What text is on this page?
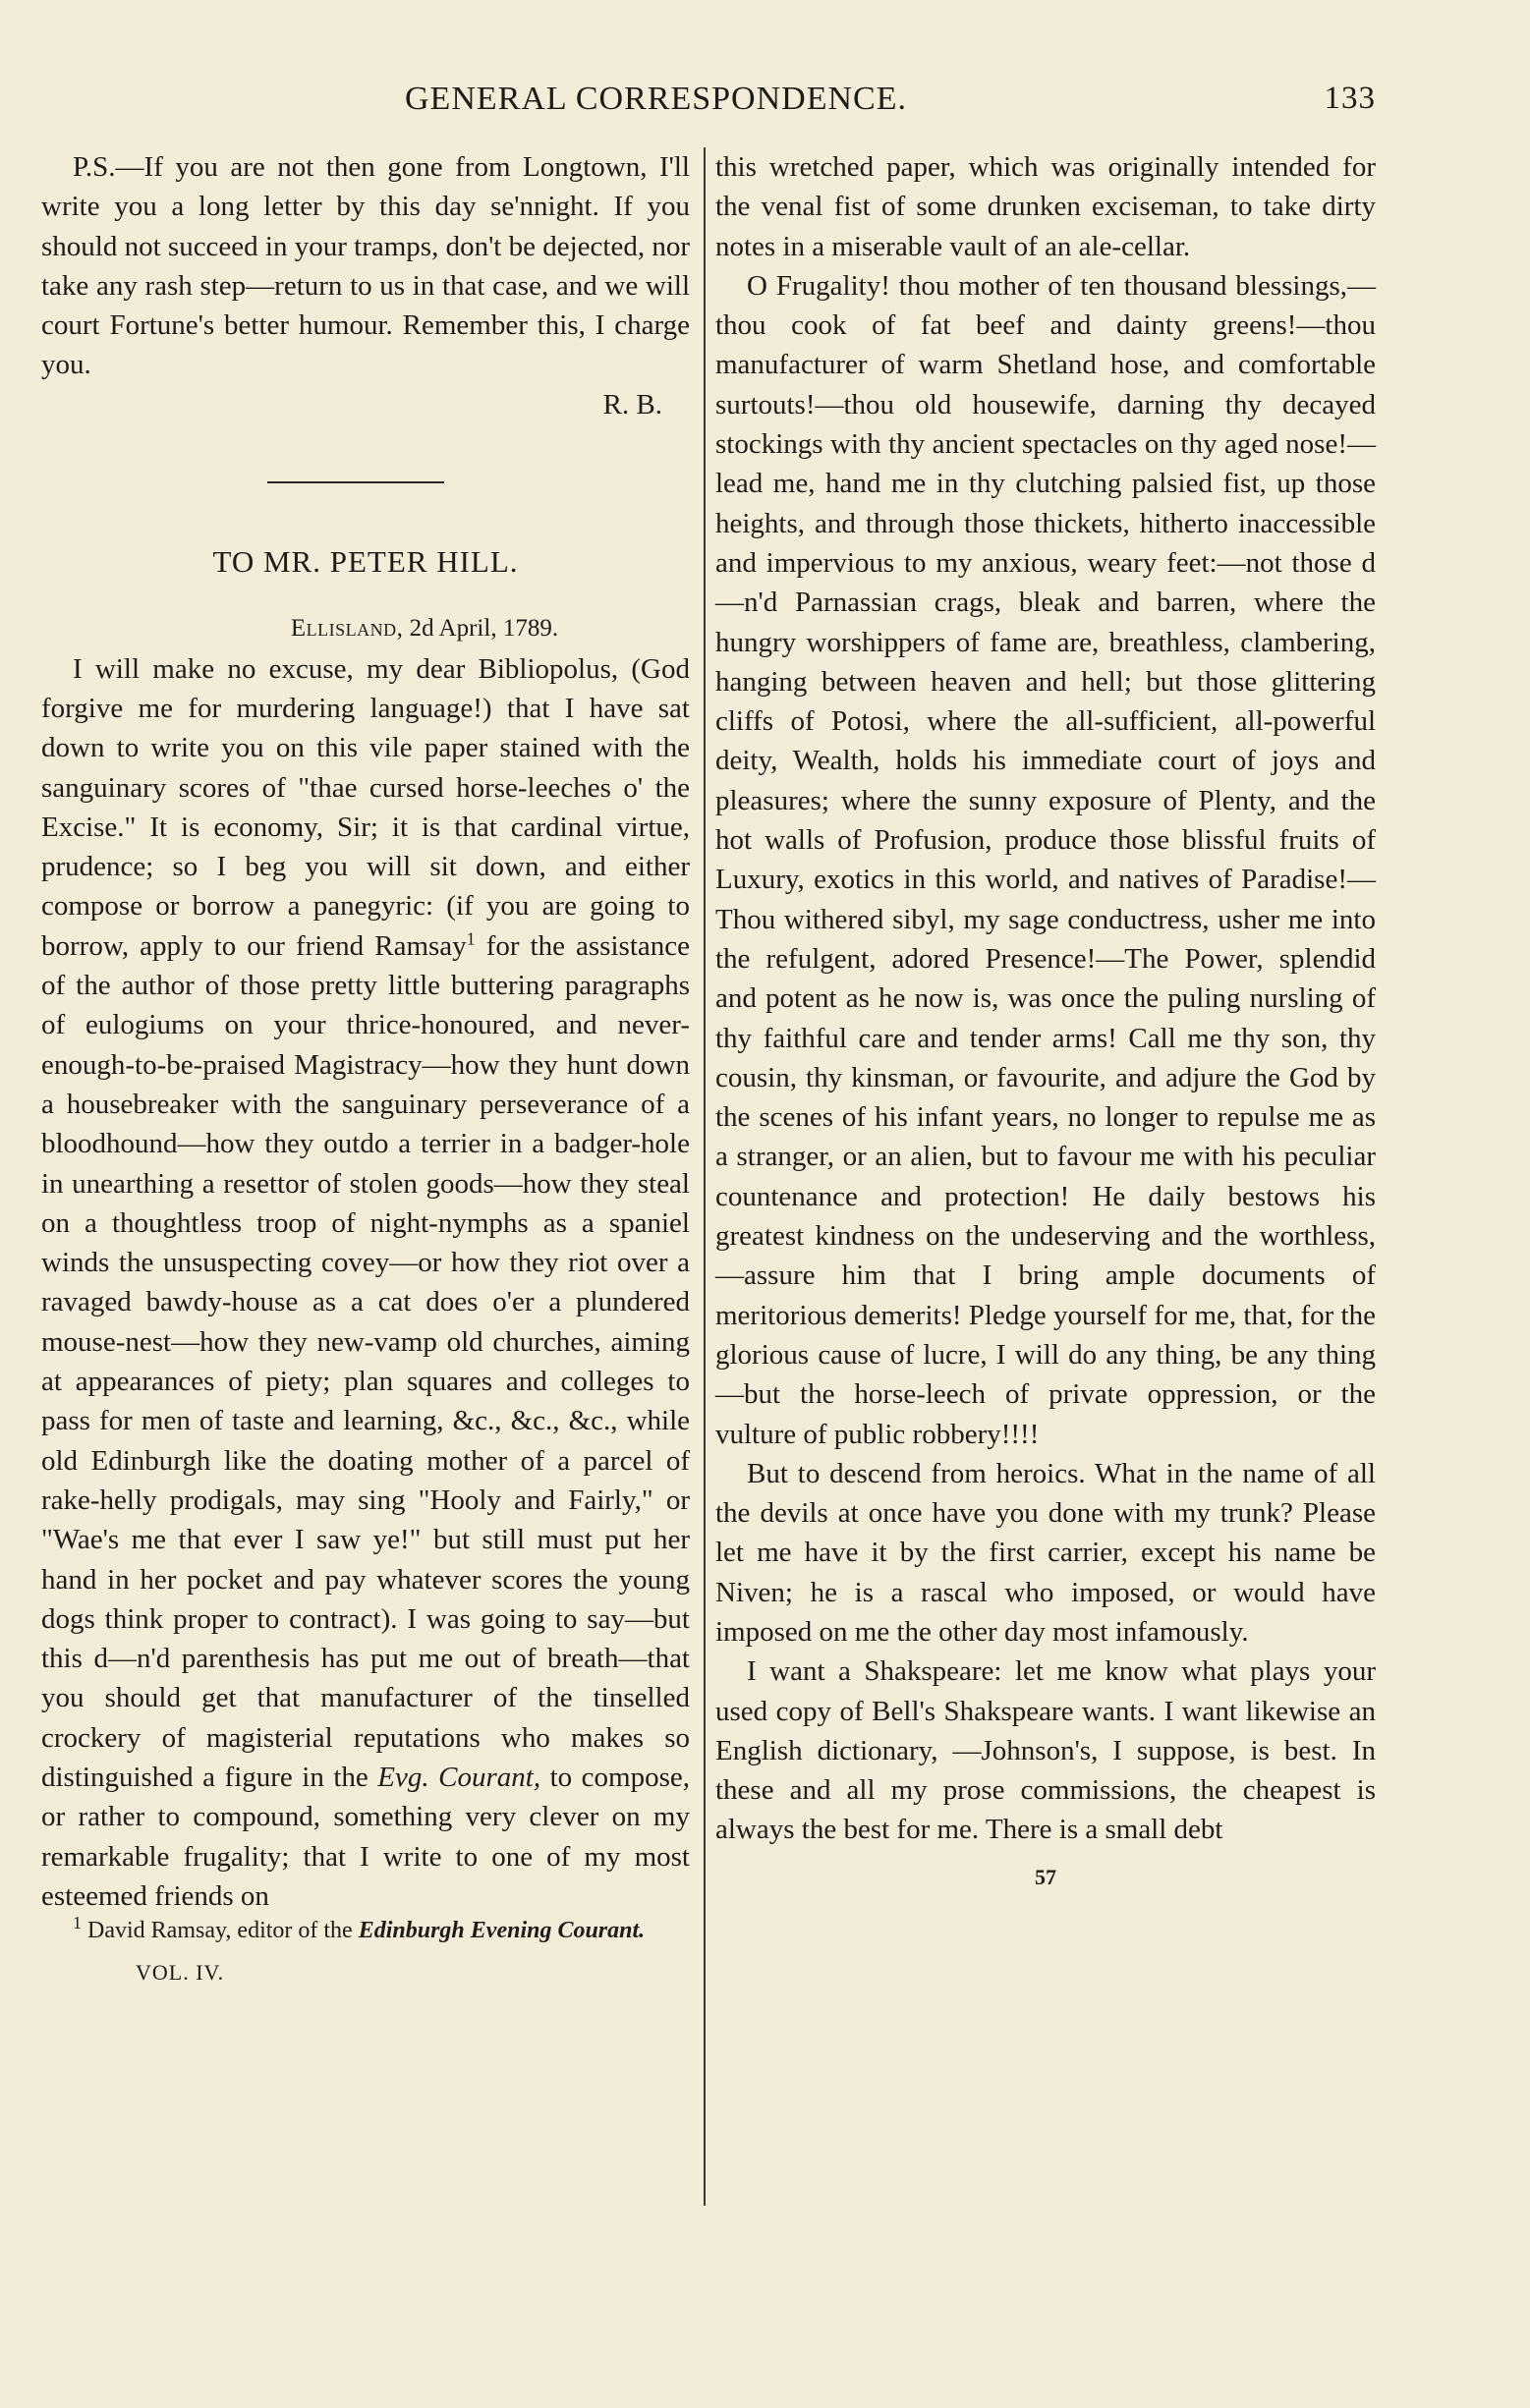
GENERAL CORRESPONDENCE.	133

P.S.—If you are not then gone from Longtown, I'll write you a long letter by this day se'nnight. If you should not succeed in your tramps, don't be dejected, nor take any rash step—return to us in that case, and we will court Fortune's better humour. Remember this, I charge you.

R. B.

TO MR. PETER HILL.
Ellisland, 2d April, 1789.

I will make no excuse, my dear Bibliopolus, (God forgive me for murdering language!) that I have sat down to write you on this vile paper stained with the sanguinary scores of "thae cursed horse-leeches o' the Excise." It is economy, Sir; it is that cardinal virtue, prudence; so I beg you will sit down, and either compose or borrow a panegyric: (if you are going to borrow, apply to our friend Ramsay$^1$ for the assistance of the author of those pretty little buttering paragraphs of eulogiums on your thrice-honoured, and never-enough-to-be-praised Magistracy—how they hunt down a housebreaker with the sanguinary perseverance of a bloodhound—how they outdo a terrier in a badger-hole in unearthing a resettor of stolen goods—how they steal on a thoughtless troop of night-nymphs as a spaniel winds the unsuspecting covey—or how they riot over a ravaged bawdy-house as a cat does o'er a plundered mouse-nest—how they new-vamp old churches, aiming at appearances of piety; plan squares and colleges to pass for men of taste and learning, &c., &c., &c., while old Edinburgh like the doating mother of a parcel of rake-helly prodigals, may sing "Hooly and Fairly," or "Wae's me that ever I saw ye!" but still must put her hand in her pocket and pay whatever scores the young dogs think proper to contract). I was going to say—but this d—n'd parenthesis has put me out of breath—that you should get that manufacturer of the tinselled crockery of magisterial reputations who makes so distinguished a figure in the Evg. Courant, to compose, or rather to compound, something very clever on my remarkable frugality; that I write to one of my most esteemed friends on

$^1$ David Ramsay, editor of the Edinburgh Evening Courant.

VOL. IV.

this wretched paper, which was originally intended for the venal fist of some drunken exciseman, to take dirty notes in a miserable vault of an ale-cellar.

O Frugality! thou mother of ten thousand blessings,—thou cook of fat beef and dainty greens!—thou manufacturer of warm Shetland hose, and comfortable surtouts!—thou old housewife, darning thy decayed stockings with thy ancient spectacles on thy aged nose!—lead me, hand me in thy clutching palsied fist, up those heights, and through those thickets, hitherto inaccessible and impervious to my anxious, weary feet:—not those d—n'd Parnassian crags, bleak and barren, where the hungry worshippers of fame are, breathless, clambering, hanging between heaven and hell; but those glittering cliffs of Potosi, where the all-sufficient, all-powerful deity, Wealth, holds his immediate court of joys and pleasures; where the sunny exposure of Plenty, and the hot walls of Profusion, produce those blissful fruits of Luxury, exotics in this world, and natives of Paradise!—Thou withered sibyl, my sage conductress, usher me into the refulgent, adored Presence!—The Power, splendid and potent as he now is, was once the puling nursling of thy faithful care and tender arms! Call me thy son, thy cousin, thy kinsman, or favourite, and adjure the God by the scenes of his infant years, no longer to repulse me as a stranger, or an alien, but to favour me with his peculiar countenance and protection! He daily bestows his greatest kindness on the undeserving and the worthless,—assure him that I bring ample documents of meritorious demerits! Pledge yourself for me, that, for the glorious cause of lucre, I will do any thing, be any thing—but the horse-leech of private oppression, or the vulture of public robbery!!!!

But to descend from heroics. What in the name of all the devils at once have you done with my trunk? Please let me have it by the first carrier, except his name be Niven; he is a rascal who imposed, or would have imposed on me the other day most infamously.

I want a Shakspeare: let me know what plays your used copy of Bell's Shakspeare wants. I want likewise an English dictionary, —Johnson's, I suppose, is best. In these and all my prose commissions, the cheapest is always the best for me. There is a small debt

57
